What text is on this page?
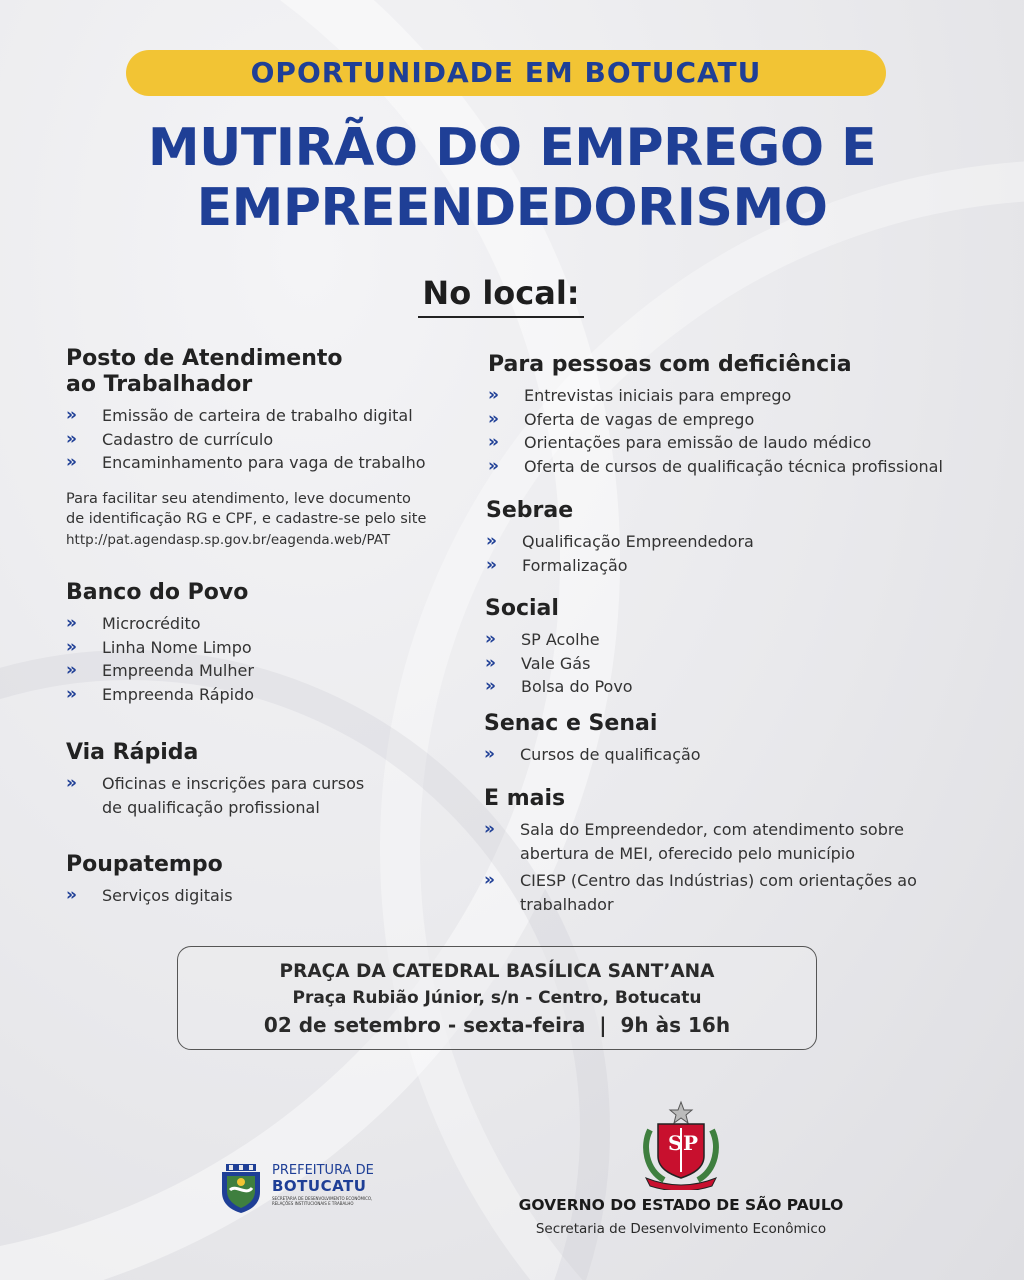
OPORTUNIDADE EM BOTUCATU
MUTIRÃO DO EMPREGO E
EMPREENDEDORISMO
No local:
Posto de Atendimento
ao Trabalhador
» Emissão de carteira de trabalho digital
» Cadastro de currículo
» Encaminhamento para vaga de trabalho
Para facilitar seu atendimento, leve documento
de identificação RG e CPF, e cadastre-se pelo site
http://pat.agendasp.sp.gov.br/eagenda.web/PAT
Banco do Povo
» Microcrédito
» Linha Nome Limpo
» Empreenda Mulher
» Empreenda Rápido
Via Rápida
» Oficinas e inscrições para cursos
de qualificação profissional
Poupatempo
» Serviços digitais
Para pessoas com deficiência
» Entrevistas iniciais para emprego
» Oferta de vagas de emprego
» Orientações para emissão de laudo médico
» Oferta de cursos de qualificação técnica profissional
Sebrae
» Qualificação Empreendedora
» Formalização
Social
» SP Acolhe
» Vale Gás
» Bolsa do Povo
Senac e Senai
» Cursos de qualificação
E mais
» Sala do Empreendedor, com atendimento sobre
abertura de MEI, oferecido pelo município
» CIESP (Centro das Indústrias) com orientações ao
trabalhador
PRAÇA DA CATEDRAL BASÍLICA SANT’ANA
Praça Rubião Júnior, s/n - Centro, Botucatu
02 de setembro - sexta-feira  |  9h às 16h
PREFEITURA DE
BOTUCATU
SECRETARIA DE DESENVOLVIMENTO ECONÔMICO, RELAÇÕES INSTITUCIONAIS E TRABALHO
S P
GOVERNO DO ESTADO DE SÃO PAULO
Secretaria de Desenvolvimento Econômico
